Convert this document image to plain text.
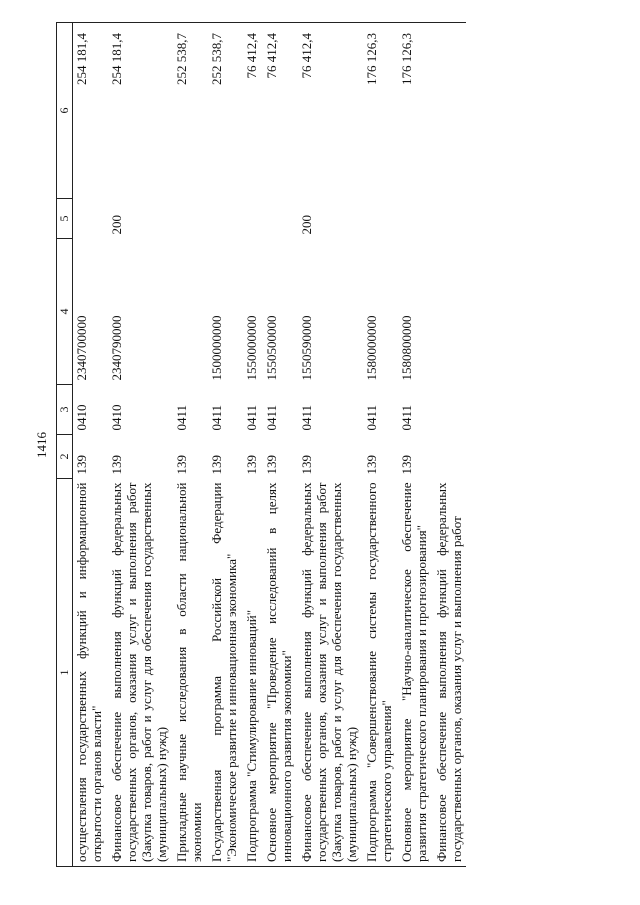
1416
1	2	3	4	5	6
осуществления государственных функций и информационной открытости органов власти"	139	0410	2340700000		254 181,4
Финансовое обеспечение выполнения функций федеральных государственных органов, оказания услуг и выполнения работ (Закупка товаров, работ и услуг для обеспечения государственных (муниципальных) нужд)	139	0410	2340790000	200	254 181,4
Прикладные научные исследования в области национальной экономики	139	0411			252 538,7
Государственная программа Российской Федерации "Экономическое развитие и инновационная экономика"	139	0411	1500000000		252 538,7
Подпрограмма "Стимулирование инноваций"	139	0411	1550000000		76 412,4
Основное мероприятие "Проведение исследований в целях инновационного развития экономики"	139	0411	1550500000		76 412,4
Финансовое обеспечение выполнения функций федеральных государственных органов, оказания услуг и выполнения работ (Закупка товаров, работ и услуг для обеспечения государственных (муниципальных) нужд)	139	0411	1550590000	200	76 412,4
Подпрограмма "Совершенствование системы государственного стратегического управления"	139	0411	1580000000		176 126,3
Основное мероприятие "Научно-аналитическое обеспечение развития стратегического планирования и прогнозирования"	139	0411	1580800000		176 126,3
Финансовое обеспечение выполнения функций федеральных государственных органов, оказания услуг и выполнения работ					
